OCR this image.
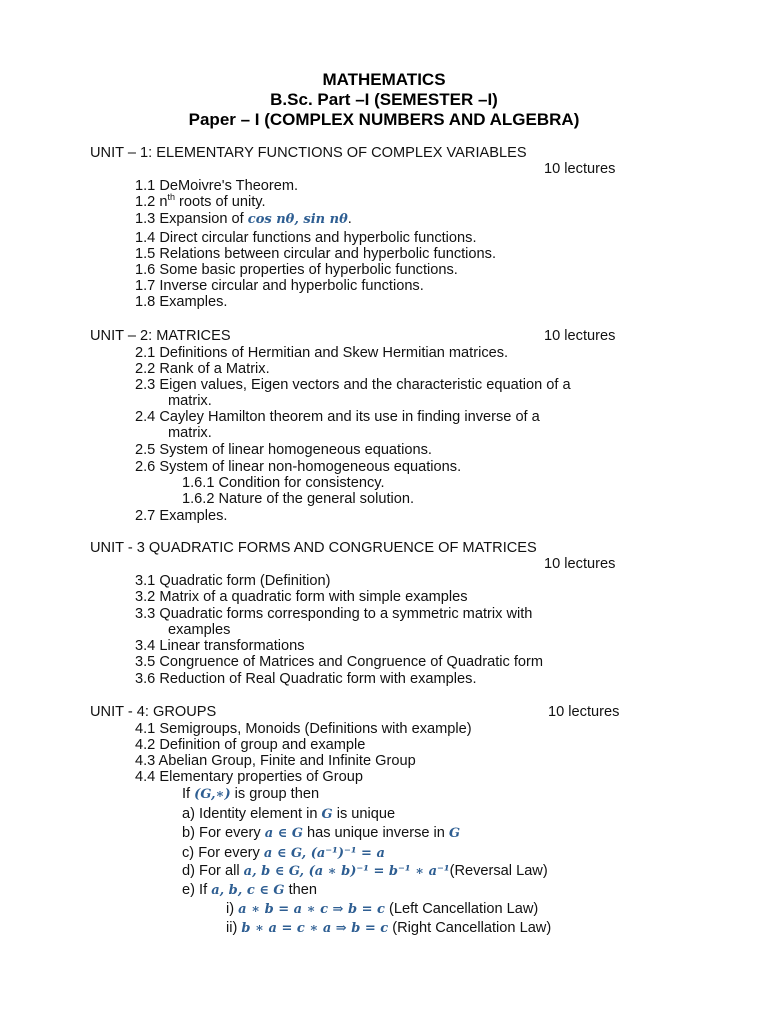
MATHEMATICS
B.Sc. Part –I (SEMESTER –I)
Paper – I (COMPLEX NUMBERS AND ALGEBRA)
UNIT – 1: ELEMENTARY FUNCTIONS OF COMPLEX VARIABLES
10 lectures
1.1 DeMoivre's Theorem.
1.2 $n^{th}$ roots of unity.
1.3 Expansion of cos nθ, sin nθ.
1.4 Direct circular functions and hyperbolic functions.
1.5 Relations between circular and hyperbolic functions.
1.6 Some basic properties of hyperbolic functions.
1.7 Inverse circular and hyperbolic functions.
1.8 Examples.
UNIT – 2: MATRICES	10 lectures
2.1 Definitions of Hermitian and Skew Hermitian matrices.
2.2 Rank of a Matrix.
2.3 Eigen values, Eigen vectors and the characteristic equation of a
matrix.
2.4 Cayley Hamilton theorem and its use in finding inverse of a
matrix.
2.5 System of linear homogeneous equations.
2.6 System of linear non-homogeneous equations.
1.6.1 Condition for consistency.
1.6.2 Nature of the general solution.
2.7 Examples.
UNIT - 3 QUADRATIC FORMS AND CONGRUENCE OF MATRICES
10 lectures
3.1 Quadratic form (Definition)
3.2 Matrix of a quadratic form with simple examples
3.3 Quadratic forms corresponding to a symmetric matrix with
examples
3.4 Linear transformations
3.5 Congruence of Matrices and Congruence of Quadratic form
3.6 Reduction of Real Quadratic form with examples.
UNIT - 4: GROUPS	10 lectures
4.1 Semigroups, Monoids (Definitions with example)
4.2 Definition of group and example
4.3 Abelian Group, Finite and Infinite Group
4.4 Elementary properties of Group
If (G,∗) is group then
a) Identity element in G is unique
b) For every a ∈ G has unique inverse in G
c) For every a ∈ G, (a⁻¹)⁻¹ = a
d) For all a, b ∈ G, (a ∗ b)⁻¹ = b⁻¹ ∗ a⁻¹(Reversal Law)
e) If a, b, c ∈ G then
i) a ∗ b = a ∗ c ⇒ b = c (Left Cancellation Law)
ii) b ∗ a = c ∗ a ⇒ b = c (Right Cancellation Law)
